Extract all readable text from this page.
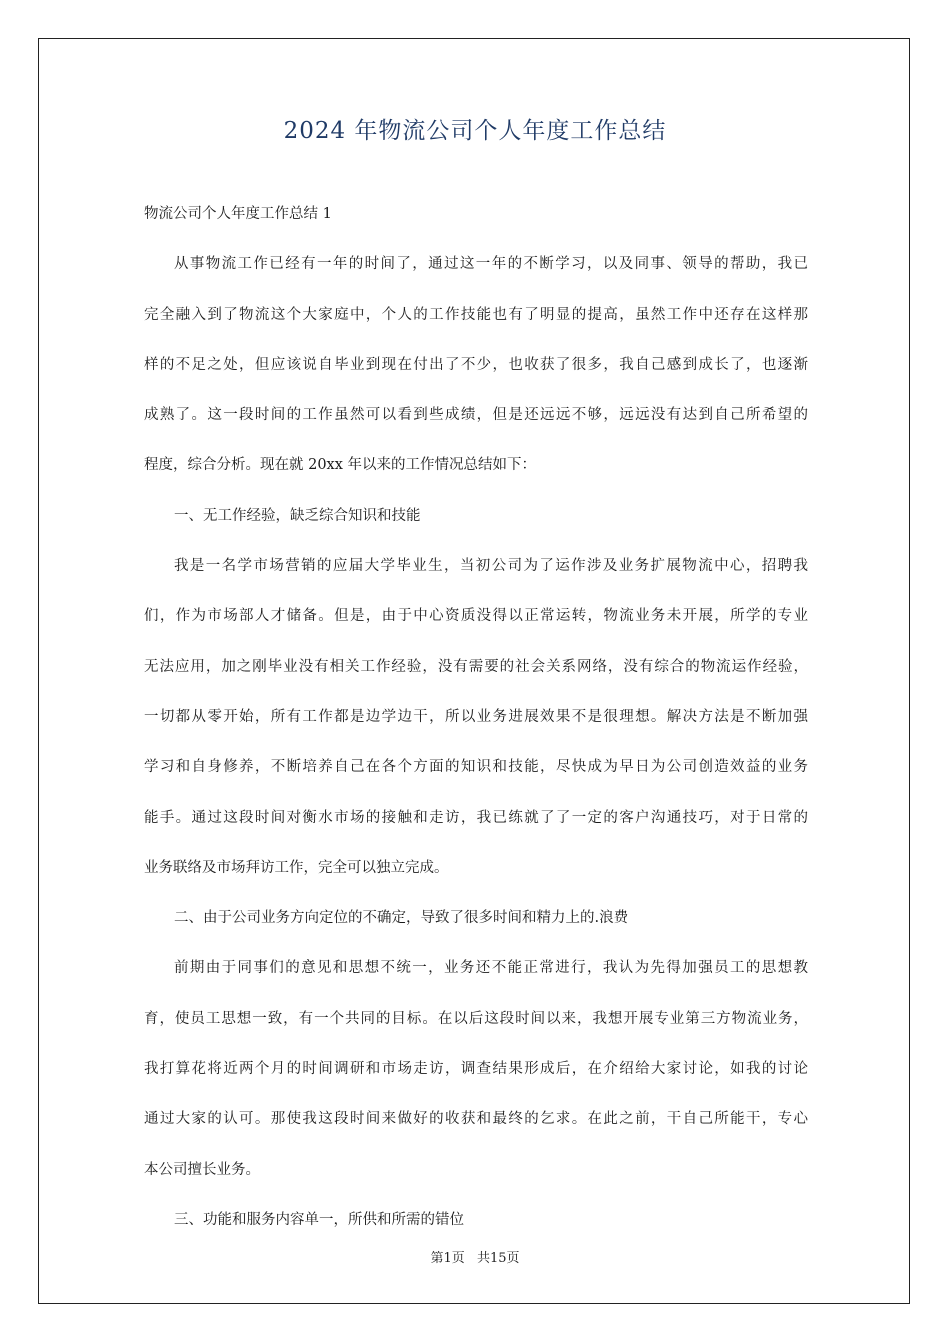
2024 年物流公司个人年度工作总结
物流公司个人年度工作总结 1
从事物流工作已经有一年的时间了，通过这一年的不断学习，以及同事、领导的帮助，我已
完全融入到了物流这个大家庭中，个人的工作技能也有了明显的提高，虽然工作中还存在这样那
样的不足之处，但应该说自毕业到现在付出了不少，也收获了很多，我自己感到成长了，也逐渐
成熟了。这一段时间的工作虽然可以看到些成绩，但是还远远不够，远远没有达到自己所希望的
程度，综合分析。现在就 20xx 年以来的工作情况总结如下：
一、无工作经验，缺乏综合知识和技能
我是一名学市场营销的应届大学毕业生，当初公司为了运作涉及业务扩展物流中心，招聘我
们，作为市场部人才储备。但是，由于中心资质没得以正常运转，物流业务未开展，所学的专业
无法应用，加之刚毕业没有相关工作经验，没有需要的社会关系网络，没有综合的物流运作经验，
一切都从零开始，所有工作都是边学边干，所以业务进展效果不是很理想。解决方法是不断加强
学习和自身修养，不断培养自己在各个方面的知识和技能，尽快成为早日为公司创造效益的业务
能手。通过这段时间对衡水市场的接触和走访，我已练就了了一定的客户沟通技巧，对于日常的
业务联络及市场拜访工作，完全可以独立完成。
二、由于公司业务方向定位的不确定，导致了很多时间和精力上的.浪费
前期由于同事们的意见和思想不统一，业务还不能正常进行，我认为先得加强员工的思想教
育，使员工思想一致，有一个共同的目标。在以后这段时间以来，我想开展专业第三方物流业务，
我打算花将近两个月的时间调研和市场走访，调查结果形成后，在介绍给大家讨论，如我的讨论
通过大家的认可。那使我这段时间来做好的收获和最终的乞求。在此之前，干自己所能干，专心
本公司擅长业务。
三、功能和服务内容单一，所供和所需的错位
第1页 共15页
